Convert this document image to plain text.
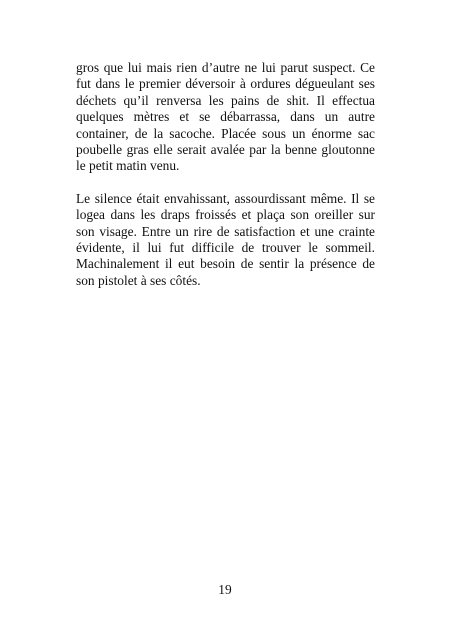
gros que lui mais rien d’autre ne lui parut suspect. Ce fut dans le premier déversoir à ordures dégueulant ses déchets qu’il renversa les pains de shit. Il effectua quelques mètres et se débarrassa, dans un autre container, de la sacoche. Placée sous un énorme sac poubelle gras elle serait avalée par la benne gloutonne le petit matin venu.

Le silence était envahissant, assourdissant même. Il se logea dans les draps froissés et plaça son oreiller sur son visage. Entre un rire de satisfaction et une crainte évidente, il lui fut difficile de trouver le sommeil. Machinalement il eut besoin de sentir la présence de son pistolet à ses côtés.

19
